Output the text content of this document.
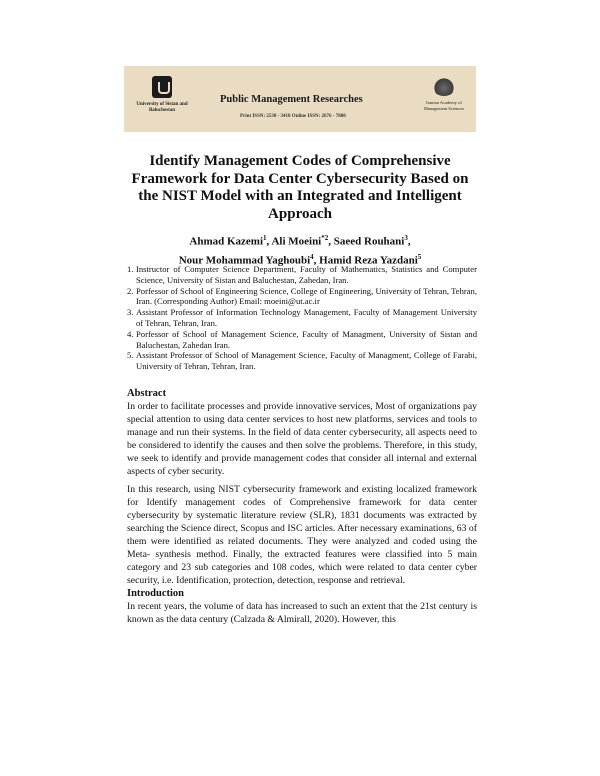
University of Sistan and Baluchestan
Public Management Researches
Print ISSN: 2538 - 3418 Online ISSN: 2676 - 7880
Iranian Academy of Management Sciences
Identify Management Codes of Comprehensive Framework for Data Center Cybersecurity Based on the NIST Model with an Integrated and Intelligent Approach
Ahmad Kazemi$^1$, Ali Moeini$^{*2}$, Saeed Rouhani$^3$,
Nour Mohammad Yaghoubi$^4$, Hamid Reza Yazdani$^5$
1. Instructor of Computer Science Department, Faculty of Mathematics, Statistics and Computer Science, University of Sistan and Baluchestan, Zahedan, Iran.
2. Porfessor of School of Engineering Science, College of Engineering, University of Tehran, Tehran, Iran. (Corresponding Author) Email: moeini@ut.ac.ir
3. Assistant Professor of Information Technology Management, Faculty of Management University of Tehran, Tehran, Iran.
4. Porfessor of School of Management Science, Faculty of Managment, University of Sistan and Baluchestan, Zahedan Iran.
5. Assistant Professor of School of Management Science, Faculty of Managment, College of Farabi, University of Tehran, Tehran, Iran.
Abstract
In order to facilitate processes and provide innovative services, Most of organizations pay special attention to using data center services to host new platforms, services and tools to manage and run their systems. In the field of data center cybersecurity, all aspects need to be considered to identify the causes and then solve the problems. Therefore, in this study, we seek to identify and provide management codes that consider all internal and external aspects of cyber security.
In this research, using NIST cybersecurity framework and existing localized framework for Identify management codes of Comprehensive framework for data center cybersecurity by systematic literature review (SLR), 1831 documents was extracted by searching the Science direct, Scopus and ISC articles. After necessary examinations, 63 of them were identified as related documents. They were analyzed and coded using the Meta- synthesis method. Finally, the extracted features were classified into 5 main category and 23 sub categories and 108 codes, which were related to data center cyber security, i.e. Identification, protection, detection, response and retrieval.
Introduction
In recent years, the volume of data has increased to such an extent that the 21st century is known as the data century (Calzada & Almirall, 2020). However, this
